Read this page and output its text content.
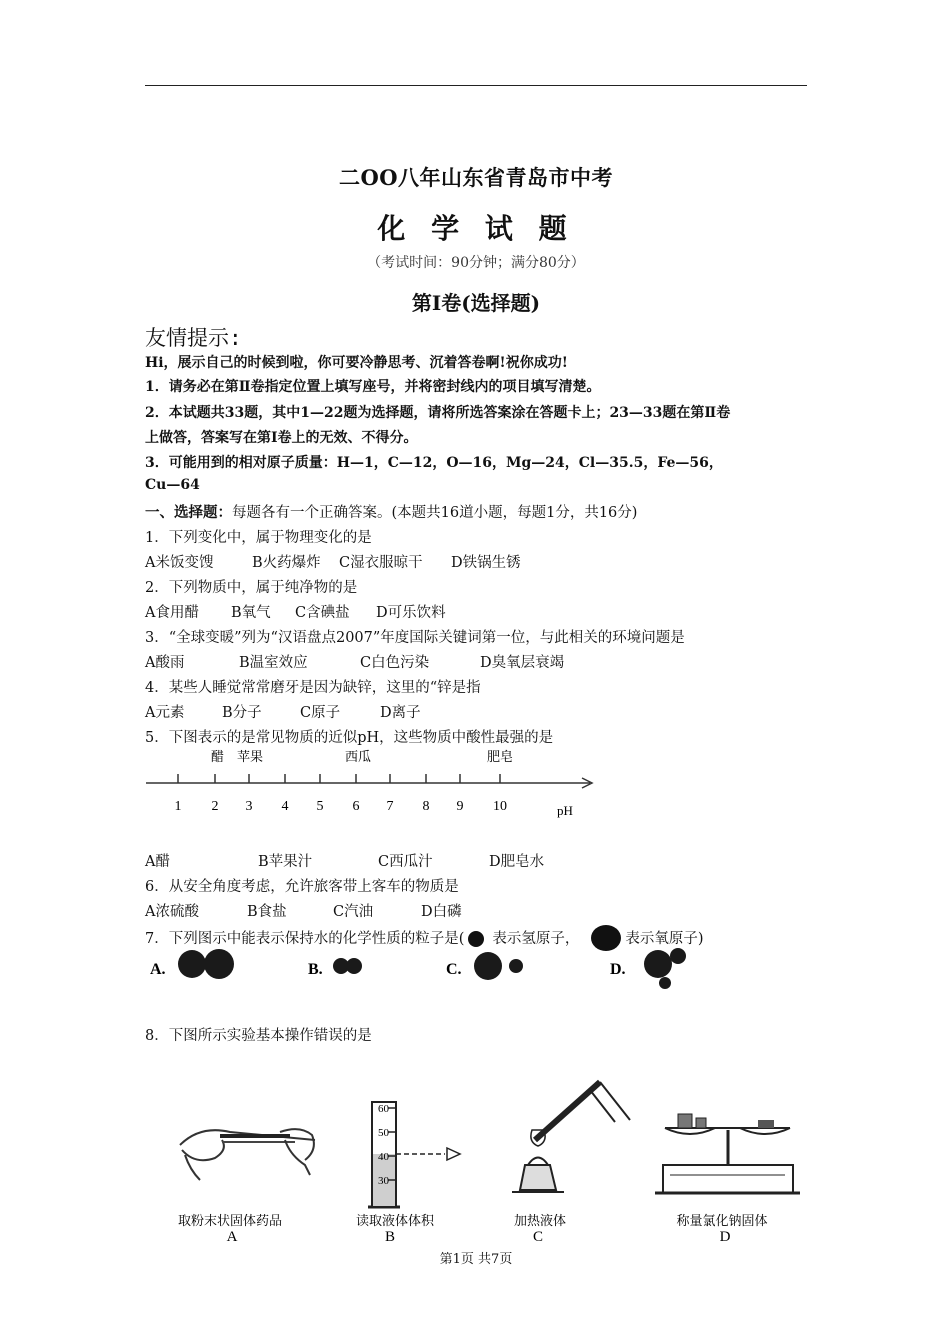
二OO八年山东省青岛市中考
化 学 试 题
（考试时间：90分钟；满分80分）
第Ⅰ卷(选择题)
友情提示:
Hi，展示自己的时候到啦，你可要冷静思考、沉着答卷啊!祝你成功!
1．请务必在第Ⅱ卷指定位置上填写座号，并将密封线内的项目填写清楚。
2．本试题共33题，其中1—22题为选择题，请将所选答案涂在答题卡上；23—33题在第Ⅱ卷
上做答，答案写在第Ⅰ卷上的无效、不得分。
3．可能用到的相对原子质量：H—1，C—12，O—16，Mg—24，Cl—35.5，Fe—56，
Cu—64
一、选择题：每题各有一个正确答案。(本题共16道小题，每题1分，共16分)
1．下列变化中，属于物理变化的是
A米饭变馊	B火药爆炸 C湿衣服晾干 D铁锅生锈
2．下列物质中，属于纯净物的是
A食用醋 B氧气 C含碘盐 D可乐饮料
3．“全球变暖”列为“汉语盘点2007”年度国际关键词第一位，与此相关的环境问题是
A酸雨	B温室效应	C白色污染	D臭氧层衰竭
4．某些人睡觉常常磨牙是因为缺锌，这里的“锌是指
A元素	B分子	C原子	D离子
5．下图表示的是常见物质的近似pH，这些物质中酸性最强的是
1 2 3 4 5 6 7 8 9 10
醋 苹果	西瓜	肥皂
pH
A醋	B苹果汁	C西瓜汁	D肥皂水
6．从安全角度考虑，允许旅客带上客车的物质是
A浓硫酸	B食盐	C汽油	D白磷
7．下列图示中能表示保持水的化学性质的粒子是( 表示氢原子，	表示氧原子)
A.	B.	C.	D.
8．下图所示实验基本操作错误的是
60
50
40
30
取粉末状固体药品	读取液体体积	加热液体	称量氯化钠固体
A	B	C	D
第1页 共7页
